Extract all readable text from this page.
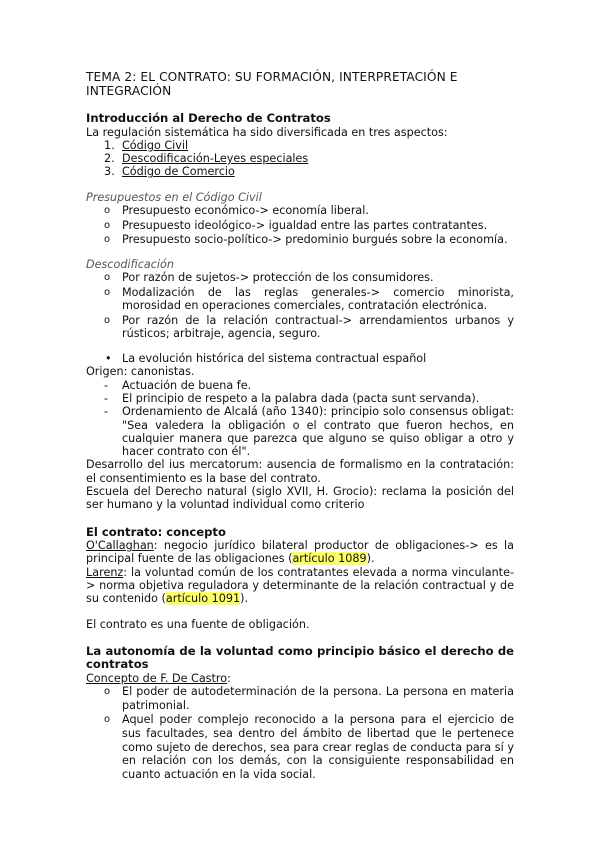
TEMA 2: EL CONTRATO: SU FORMACIÓN, INTERPRETACIÓN E INTEGRACIÓN

Introducción al Derecho de Contratos

La regulación sistemática ha sido diversificada en tres aspectos:

1. Código Civil
2. Descodificación-Leyes especiales
3. Código de Comercio

Presupuestos en el Código Civil

o Presupuesto económico-> economía liberal.
o Presupuesto ideológico-> igualdad entre las partes contratantes.
o Presupuesto socio-político-> predominio burgués sobre la economía.

Descodificación

o Por razón de sujetos-> protección de los consumidores.
o Modalización de las reglas generales-> comercio minorista, morosidad en operaciones comerciales, contratación electrónica.
o Por razón de la relación contractual-> arrendamientos urbanos y rústicos; arbitraje, agencia, seguro.
• La evolución histórica del sistema contractual español

Origen: canonistas.

- Actuación de buena fe.
- El principio de respeto a la palabra dada (pacta sunt servanda).
- Ordenamiento de Alcalá (año 1340): principio solo consensus obligat: "Sea valedera la obligación o el contrato que fueron hechos, en cualquier manera que parezca que alguno se quiso obligar a otro y hacer contrato con él".

Desarrollo del ius mercatorum: ausencia de formalismo en la contratación: el consentimiento es la base del contrato.

Escuela del Derecho natural (siglo XVII, H. Grocio): reclama la posición del ser humano y la voluntad individual como criterio

El contrato: concepto

O'Callaghan: negocio jurídico bilateral productor de obligaciones-> es la principal fuente de las obligaciones (artículo 1089).

Larenz: la voluntad común de los contratantes elevada a norma vinculante-> norma objetiva reguladora y determinante de la relación contractual y de su contenido (artículo 1091).

El contrato es una fuente de obligación.

La autonomía de la voluntad como principio básico el derecho de contratos

Concepto de F. De Castro:

o El poder de autodeterminación de la persona. La persona en materia patrimonial.
o Aquel poder complejo reconocido a la persona para el ejercicio de sus facultades, sea dentro del ámbito de libertad que le pertenece como sujeto de derechos, sea para crear reglas de conducta para sí y en relación con los demás, con la consiguiente responsabilidad en cuanto actuación en la vida social.
